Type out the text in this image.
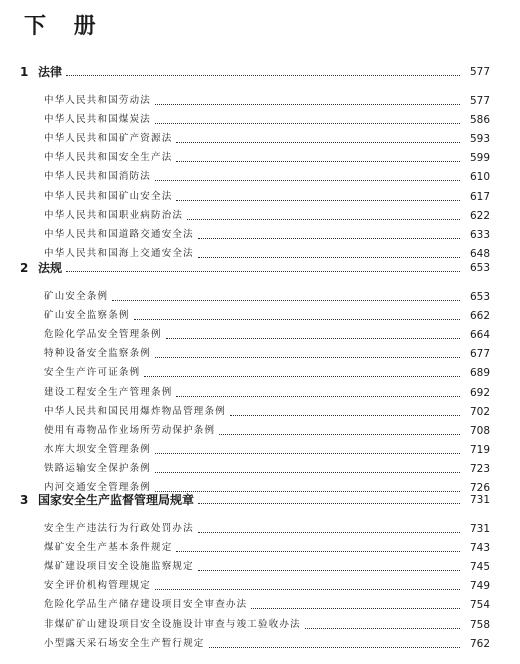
下 册
1 法律	577
中华人民共和国劳动法	577
中华人民共和国煤炭法	586
中华人民共和国矿产资源法	593
中华人民共和国安全生产法	599
中华人民共和国消防法	610
中华人民共和国矿山安全法	617
中华人民共和国职业病防治法	622
中华人民共和国道路交通安全法	633
中华人民共和国海上交通安全法	648
2 法规	653
矿山安全条例	653
矿山安全监察条例	662
危险化学品安全管理条例	664
特种设备安全监察条例	677
安全生产许可证条例	689
建设工程安全生产管理条例	692
中华人民共和国民用爆炸物品管理条例	702
使用有毒物品作业场所劳动保护条例	708
水库大坝安全管理条例	719
铁路运输安全保护条例	723
内河交通安全管理条例	726
3 国家安全生产监督管理局规章	731
安全生产违法行为行政处罚办法	731
煤矿安全生产基本条件规定	743
煤矿建设项目安全设施监察规定	745
安全评价机构管理规定	749
危险化学品生产储存建设项目安全审查办法	754
非煤矿矿山建设项目安全设施设计审查与竣工验收办法	758
小型露天采石场安全生产暂行规定	762
